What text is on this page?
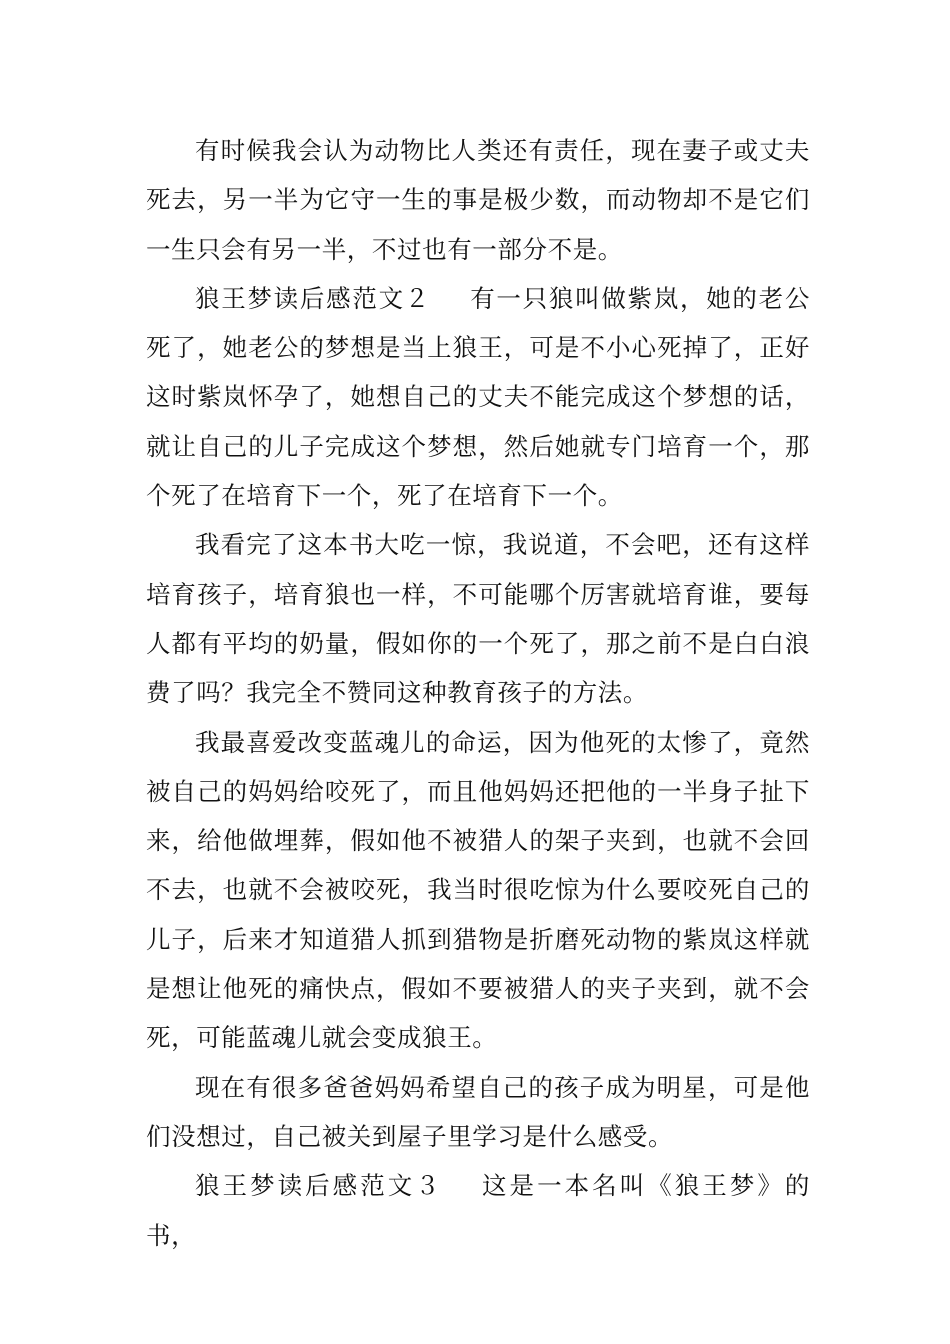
有时候我会认为动物比人类还有责任，现在妻子或丈夫死去，另一半为它守一生的事是极少数，而动物却不是它们一生只会有另一半，不过也有一部分不是。

狼王梦读后感范文２ 有一只狼叫做紫岚，她的老公死了，她老公的梦想是当上狼王，可是不小心死掉了，正好这时紫岚怀孕了，她想自己的丈夫不能完成这个梦想的话，就让自己的儿子完成这个梦想，然后她就专门培育一个，那个死了在培育下一个，死了在培育下一个。

我看完了这本书大吃一惊，我说道，不会吧，还有这样培育孩子，培育狼也一样，不可能哪个厉害就培育谁，要每人都有平均的奶量，假如你的一个死了，那之前不是白白浪费了吗？我完全不赞同这种教育孩子的方法。

我最喜爱改变蓝魂儿的命运，因为他死的太惨了，竟然被自己的妈妈给咬死了，而且他妈妈还把他的一半身子扯下来，给他做埋葬，假如他不被猎人的架子夹到，也就不会回不去，也就不会被咬死，我当时很吃惊为什么要咬死自己的儿子，后来才知道猎人抓到猎物是折磨死动物的紫岚这样就是想让他死的痛快点，假如不要被猎人的夹子夹到，就不会死，可能蓝魂儿就会变成狼王。

现在有很多爸爸妈妈希望自己的孩子成为明星，可是他们没想过，自己被关到屋子里学习是什么感受。

狼王梦读后感范文３ 这是一本名叫《狼王梦》的书，
